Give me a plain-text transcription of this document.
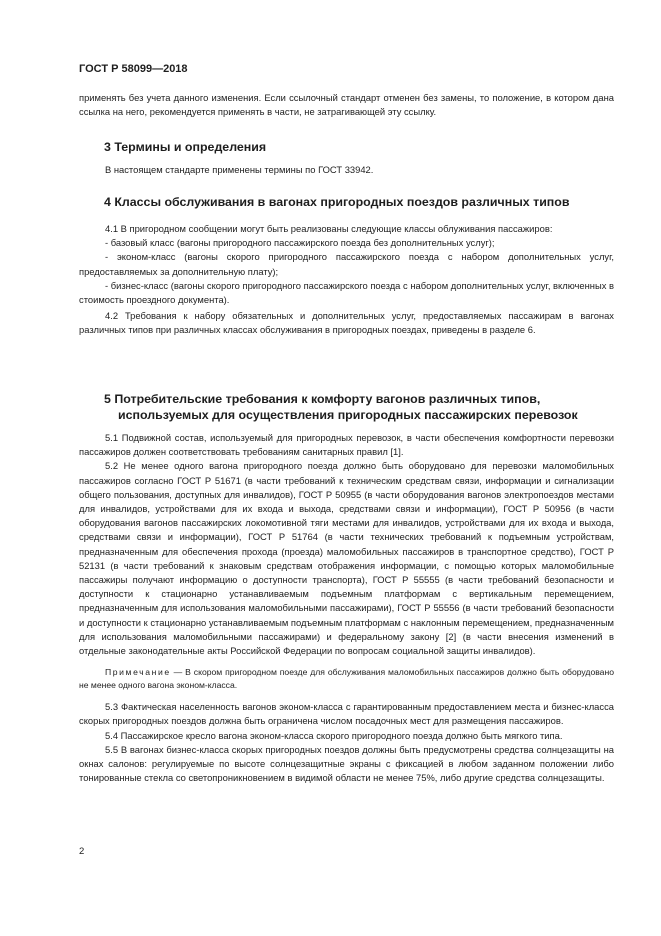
ГОСТ Р 58099—2018

применять без учета данного изменения. Если ссылочный стандарт отменен без замены, то положение, в котором дана ссылка на него, рекомендуется применять в части, не затрагивающей эту ссылку.

3 Термины и определения

В настоящем стандарте применены термины по ГОСТ 33942.

4 Классы обслуживания в вагонах пригородных поездов различных типов

4.1 В пригородном сообщении могут быть реализованы следующие классы облуживания пассажиров:

- базовый класс (вагоны пригородного пассажирского поезда без дополнительных услуг);

- эконом-класс (вагоны скорого пригородного пассажирского поезда с набором дополнительных услуг, предоставляемых за дополнительную плату);

- бизнес-класс (вагоны скорого пригородного пассажирского поезда с набором дополнительных услуг, включенных в стоимость проездного документа).

4.2 Требования к набору обязательных и дополнительных услуг, предоставляемых пассажирам в вагонах различных типов при различных классах обслуживания в пригородных поездах, приведены в разделе 6.

5 Потребительские требования к комфорту вагонов различных типов,
используемых для осуществления пригородных пассажирских перевозок

5.1 Подвижной состав, используемый для пригородных перевозок, в части обеспечения комфортности перевозки пассажиров должен соответствовать требованиям санитарных правил [1].

5.2 Не менее одного вагона пригородного поезда должно быть оборудовано для перевозки маломобильных пассажиров согласно ГОСТ Р 51671 (в части требований к техническим средствам связи, информации и сигнализации общего пользования, доступных для инвалидов), ГОСТ Р 50955 (в части оборудования вагонов электропоездов местами для инвалидов, устройствами для их входа и выхода, средствами связи и информации), ГОСТ Р 50956 (в части оборудования вагонов пассажирских локомотивной тяги местами для инвалидов, устройствами для их входа и выхода, средствами связи и информации), ГОСТ Р 51764 (в части технических требований к подъемным устройствам, предназначенным для обеспечения прохода (проезда) маломобильных пассажиров в транспортное средство), ГОСТ Р 52131 (в части требований к знаковым средствам отображения информации, с помощью которых маломобильные пассажиры получают информацию о доступности транспорта), ГОСТ Р 55555 (в части требований безопасности и доступности к стационарно устанавливаемым подъемным платформам с вертикальным перемещением, предназначенным для использования маломобильными пассажирами), ГОСТ Р 55556 (в части требований безопасности и доступности к стационарно устанавливаемым подъемным платформам с наклонным перемещением, предназначенным для использования маломобильными пассажирами) и федеральному закону [2] (в части внесения изменений в отдельные законодательные акты Российской Федерации по вопросам социальной защиты инвалидов).

Примечание — В скором пригородном поезде для обслуживания маломобильных пассажиров должно быть оборудовано не менее одного вагона эконом-класса.

5.3 Фактическая населенность вагонов эконом-класса с гарантированным предоставлением места и бизнес-класса скорых пригородных поездов должна быть ограничена числом посадочных мест для размещения пассажиров.

5.4 Пассажирское кресло вагона эконом-класса скорого пригородного поезда должно быть мягкого типа.

5.5 В вагонах бизнес-класса скорых пригородных поездов должны быть предусмотрены средства солнцезащиты на окнах салонов: регулируемые по высоте солнцезащитные экраны с фиксацией в любом заданном положении либо тонированные стекла со светопроникновением в видимой области не менее 75%, либо другие средства солнцезащиты.

2
